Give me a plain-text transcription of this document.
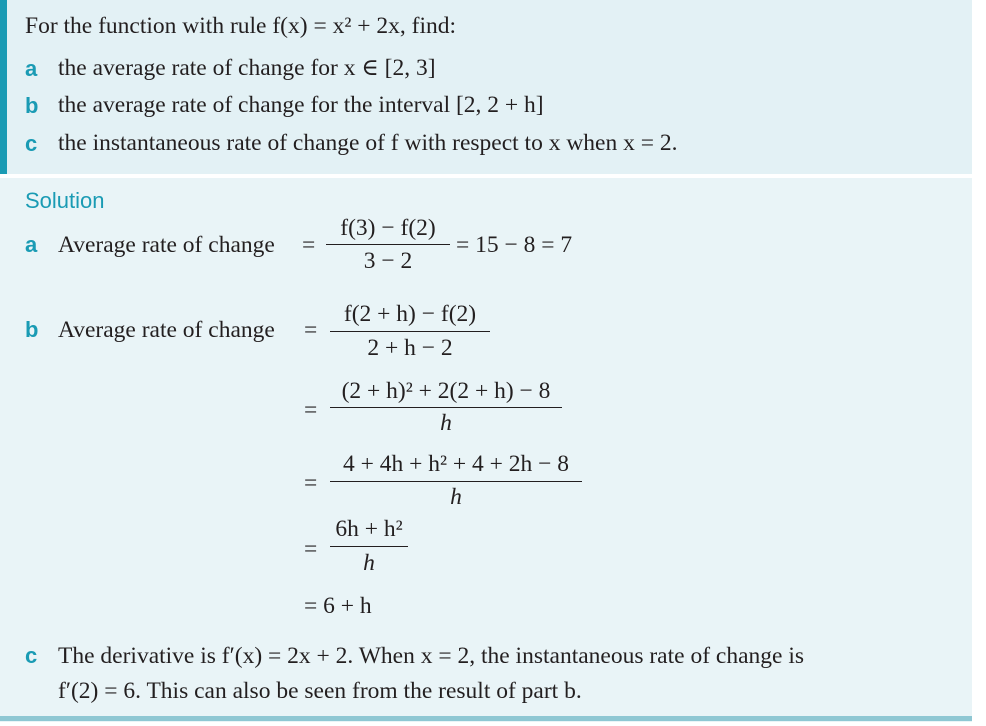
For the function with rule f(x) = x² + 2x, find:
a the average rate of change for x ∈ [2, 3]
b the average rate of change for the interval [2, 2 + h]
c the instantaneous rate of change of f with respect to x when x = 2.
Solution
a Average rate of change =
f(3) − f(2)
3 − 2
= 15 − 8 = 7
b Average rate of change =
f(2 + h) − f(2)
2 + h − 2
=
(2 + h)² + 2(2 + h) − 8
h
=
4 + 4h + h² + 4 + 2h − 8
h
=
6h + h²
h
= 6 + h
c The derivative is f′(x) = 2x + 2. When x = 2, the instantaneous rate of change is
f′(2) = 6. This can also be seen from the result of part b.
